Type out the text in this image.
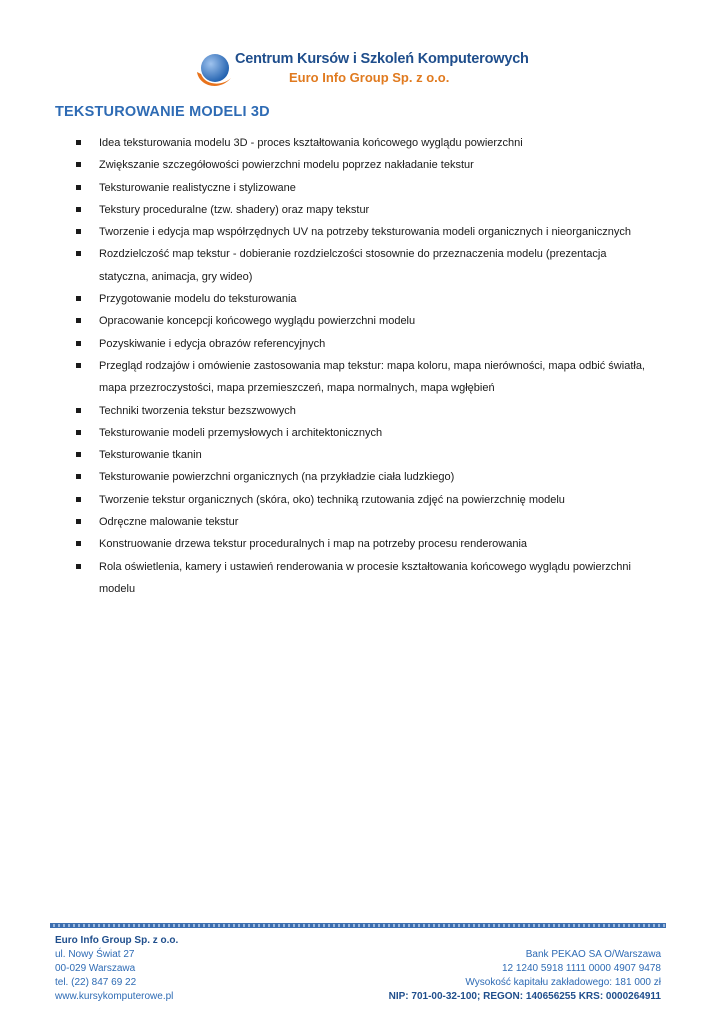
Centrum Kursów i Szkoleń Komputerowych
Euro Info Group Sp. z o.o.
TEKSTUROWANIE MODELI 3D
Idea teksturowania modelu 3D - proces kształtowania końcowego wyglądu powierzchni
Zwiększanie szczegółowości powierzchni modelu poprzez nakładanie tekstur
Teksturowanie realistyczne i stylizowane
Tekstury proceduralne (tzw. shadery) oraz mapy tekstur
Tworzenie i edycja map współrzędnych UV na potrzeby teksturowania modeli organicznych i nieorganicznych
Rozdzielczość map tekstur - dobieranie rozdzielczości stosownie do przeznaczenia modelu (prezentacja statyczna, animacja, gry wideo)
Przygotowanie modelu do teksturowania
Opracowanie koncepcji końcowego wyglądu powierzchni modelu
Pozyskiwanie i edycja obrazów referencyjnych
Przegląd rodzajów i omówienie zastosowania map tekstur: mapa koloru, mapa nierówności, mapa odbić światła, mapa przezroczystości, mapa przemieszczeń, mapa normalnych, mapa wgłębień
Techniki tworzenia tekstur bezszwowych
Teksturowanie modeli przemysłowych i architektonicznych
Teksturowanie tkanin
Teksturowanie powierzchni organicznych (na przykładzie ciała ludzkiego)
Tworzenie tekstur organicznych (skóra, oko) techniką rzutowania zdjęć na powierzchnię modelu
Odręczne malowanie tekstur
Konstruowanie drzewa tekstur proceduralnych i map na potrzeby procesu renderowania
Rola oświetlenia, kamery i ustawień renderowania w procesie kształtowania końcowego wyglądu powierzchni modelu
Euro Info Group Sp. z o.o.
ul. Nowy Świat 27
00-029 Warszawa
tel. (22) 847 69 22
www.kursykomputerowe.pl
Bank PEKAO SA O/Warszawa
12 1240 5918 1111 0000 4907 9478
Wysokość kapitału zakładowego: 181 000 zł
NIP: 701-00-32-100; REGON: 140656255 KRS: 0000264911
